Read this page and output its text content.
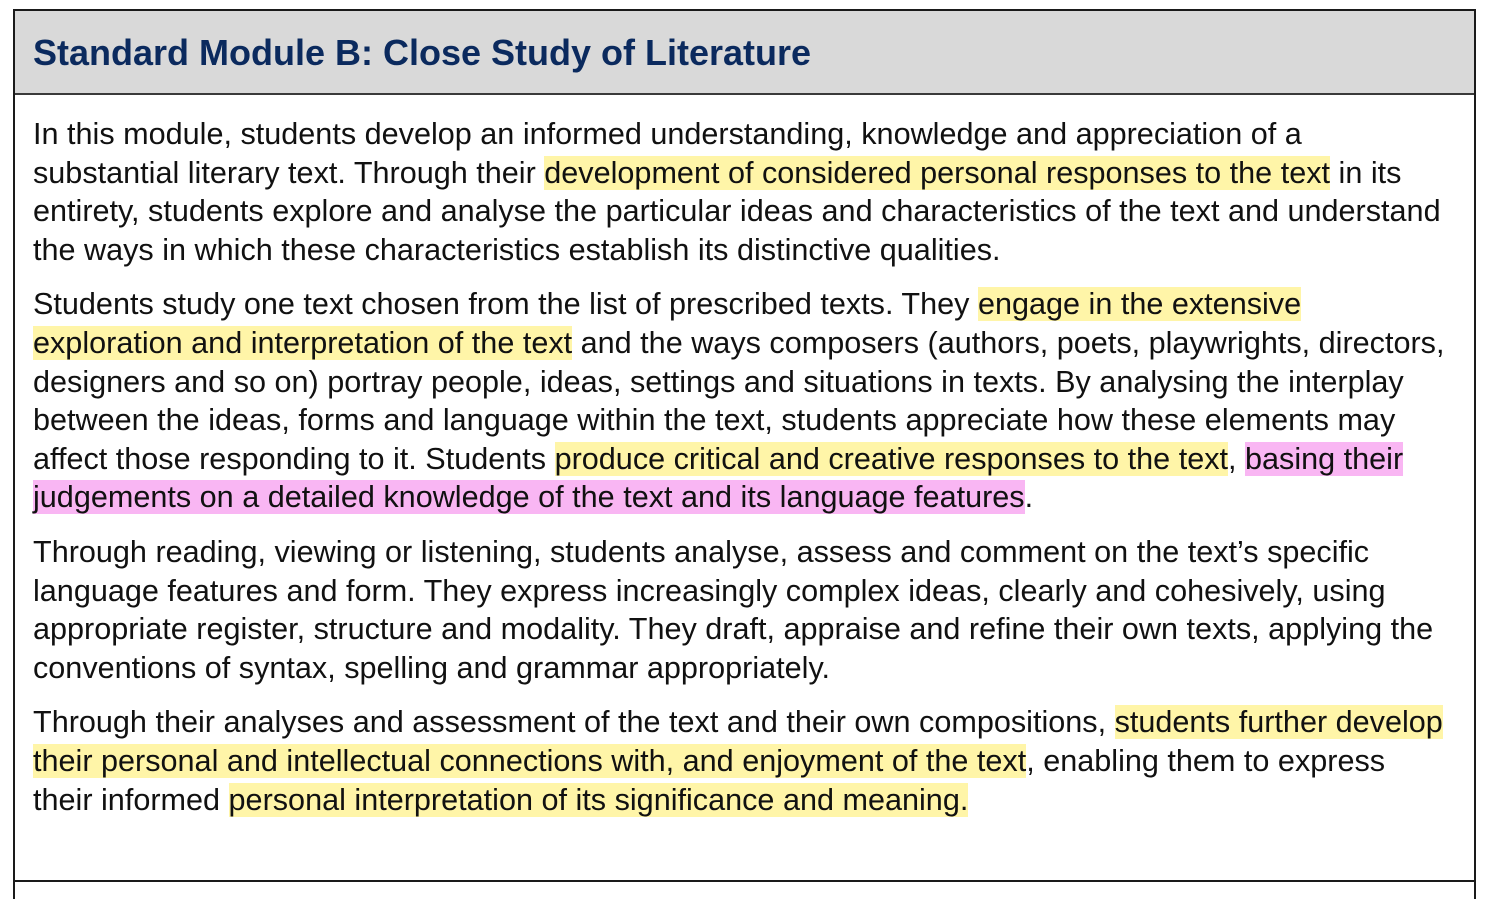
Standard Module B: Close Study of Literature

In this module, students develop an informed understanding, knowledge and appreciation of a substantial literary text. Through their development of considered personal responses to the text in its entirety, students explore and analyse the particular ideas and characteristics of the text and understand the ways in which these characteristics establish its distinctive qualities.

Students study one text chosen from the list of prescribed texts. They engage in the extensive exploration and interpretation of the text and the ways composers (authors, poets, playwrights, directors, designers and so on) portray people, ideas, settings and situations in texts. By analysing the interplay between the ideas, forms and language within the text, students appreciate how these elements may affect those responding to it. Students produce critical and creative responses to the text, basing their judgements on a detailed knowledge of the text and its language features.

Through reading, viewing or listening, students analyse, assess and comment on the text’s specific language features and form. They express increasingly complex ideas, clearly and cohesively, using appropriate register, structure and modality. They draft, appraise and refine their own texts, applying the conventions of syntax, spelling and grammar appropriately.

Through their analyses and assessment of the text and their own compositions, students further develop their personal and intellectual connections with, and enjoyment of the text, enabling them to express their informed personal interpretation of its significance and meaning.
